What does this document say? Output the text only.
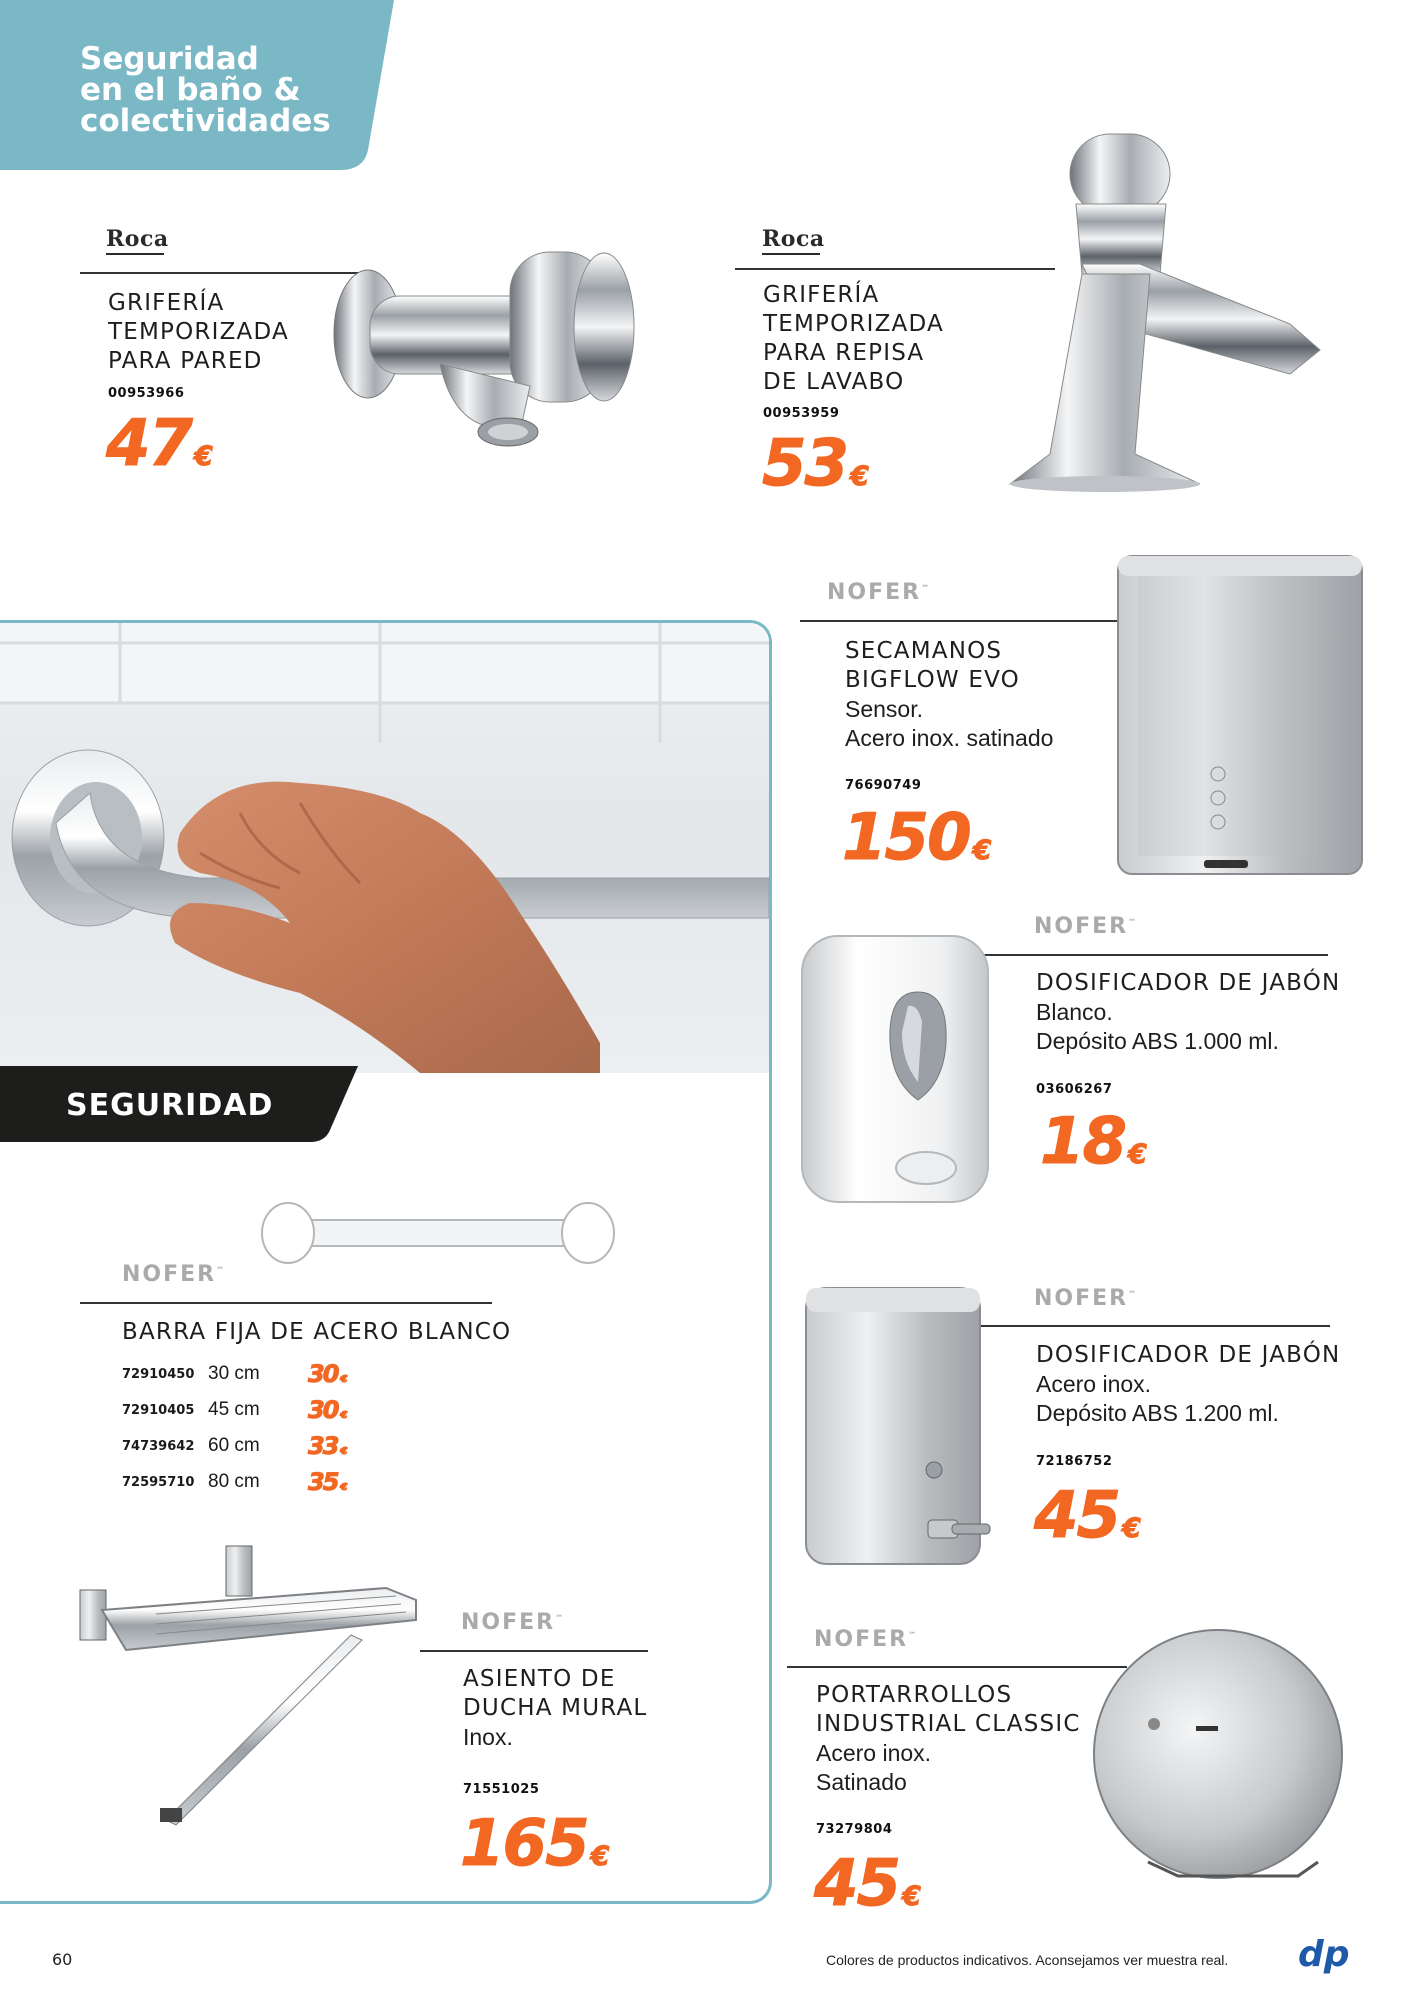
Seguridad
en el baño &
colectividades
Roca
GRIFERÍA
TEMPORIZADA
PARA PARED
00953966
47 €
Roca
GRIFERÍA
TEMPORIZADA
PARA REPISA
DE LAVABO
00953959
53 €
NOFER™
SECAMANOS
BIGFLOW EVO
Sensor.
Acero inox. satinado
76690749
150 €
NOFER™
DOSIFICADOR DE JABÓN
Blanco.
Depósito ABS 1.000 ml.
03606267
18 €
NOFER™
DOSIFICADOR DE JABÓN
Acero inox.
Depósito ABS 1.200 ml.
72186752
45 €
NOFER™
PORTARROLLOS
INDUSTRIAL CLASSIC
Acero inox.
Satinado
73279804
45 €
SEGURIDAD
NOFER™
BARRA FIJA DE ACERO BLANCO
72910450 30 cm	30 €
72910405 45 cm	30 €
74739642 60 cm	33 €
72595710 80 cm	35 €
NOFER™
ASIENTO DE
DUCHA MURAL
Inox.
71551025
165 €
60	Colores de productos indicativos. Aconsejamos ver muestra real. dp
